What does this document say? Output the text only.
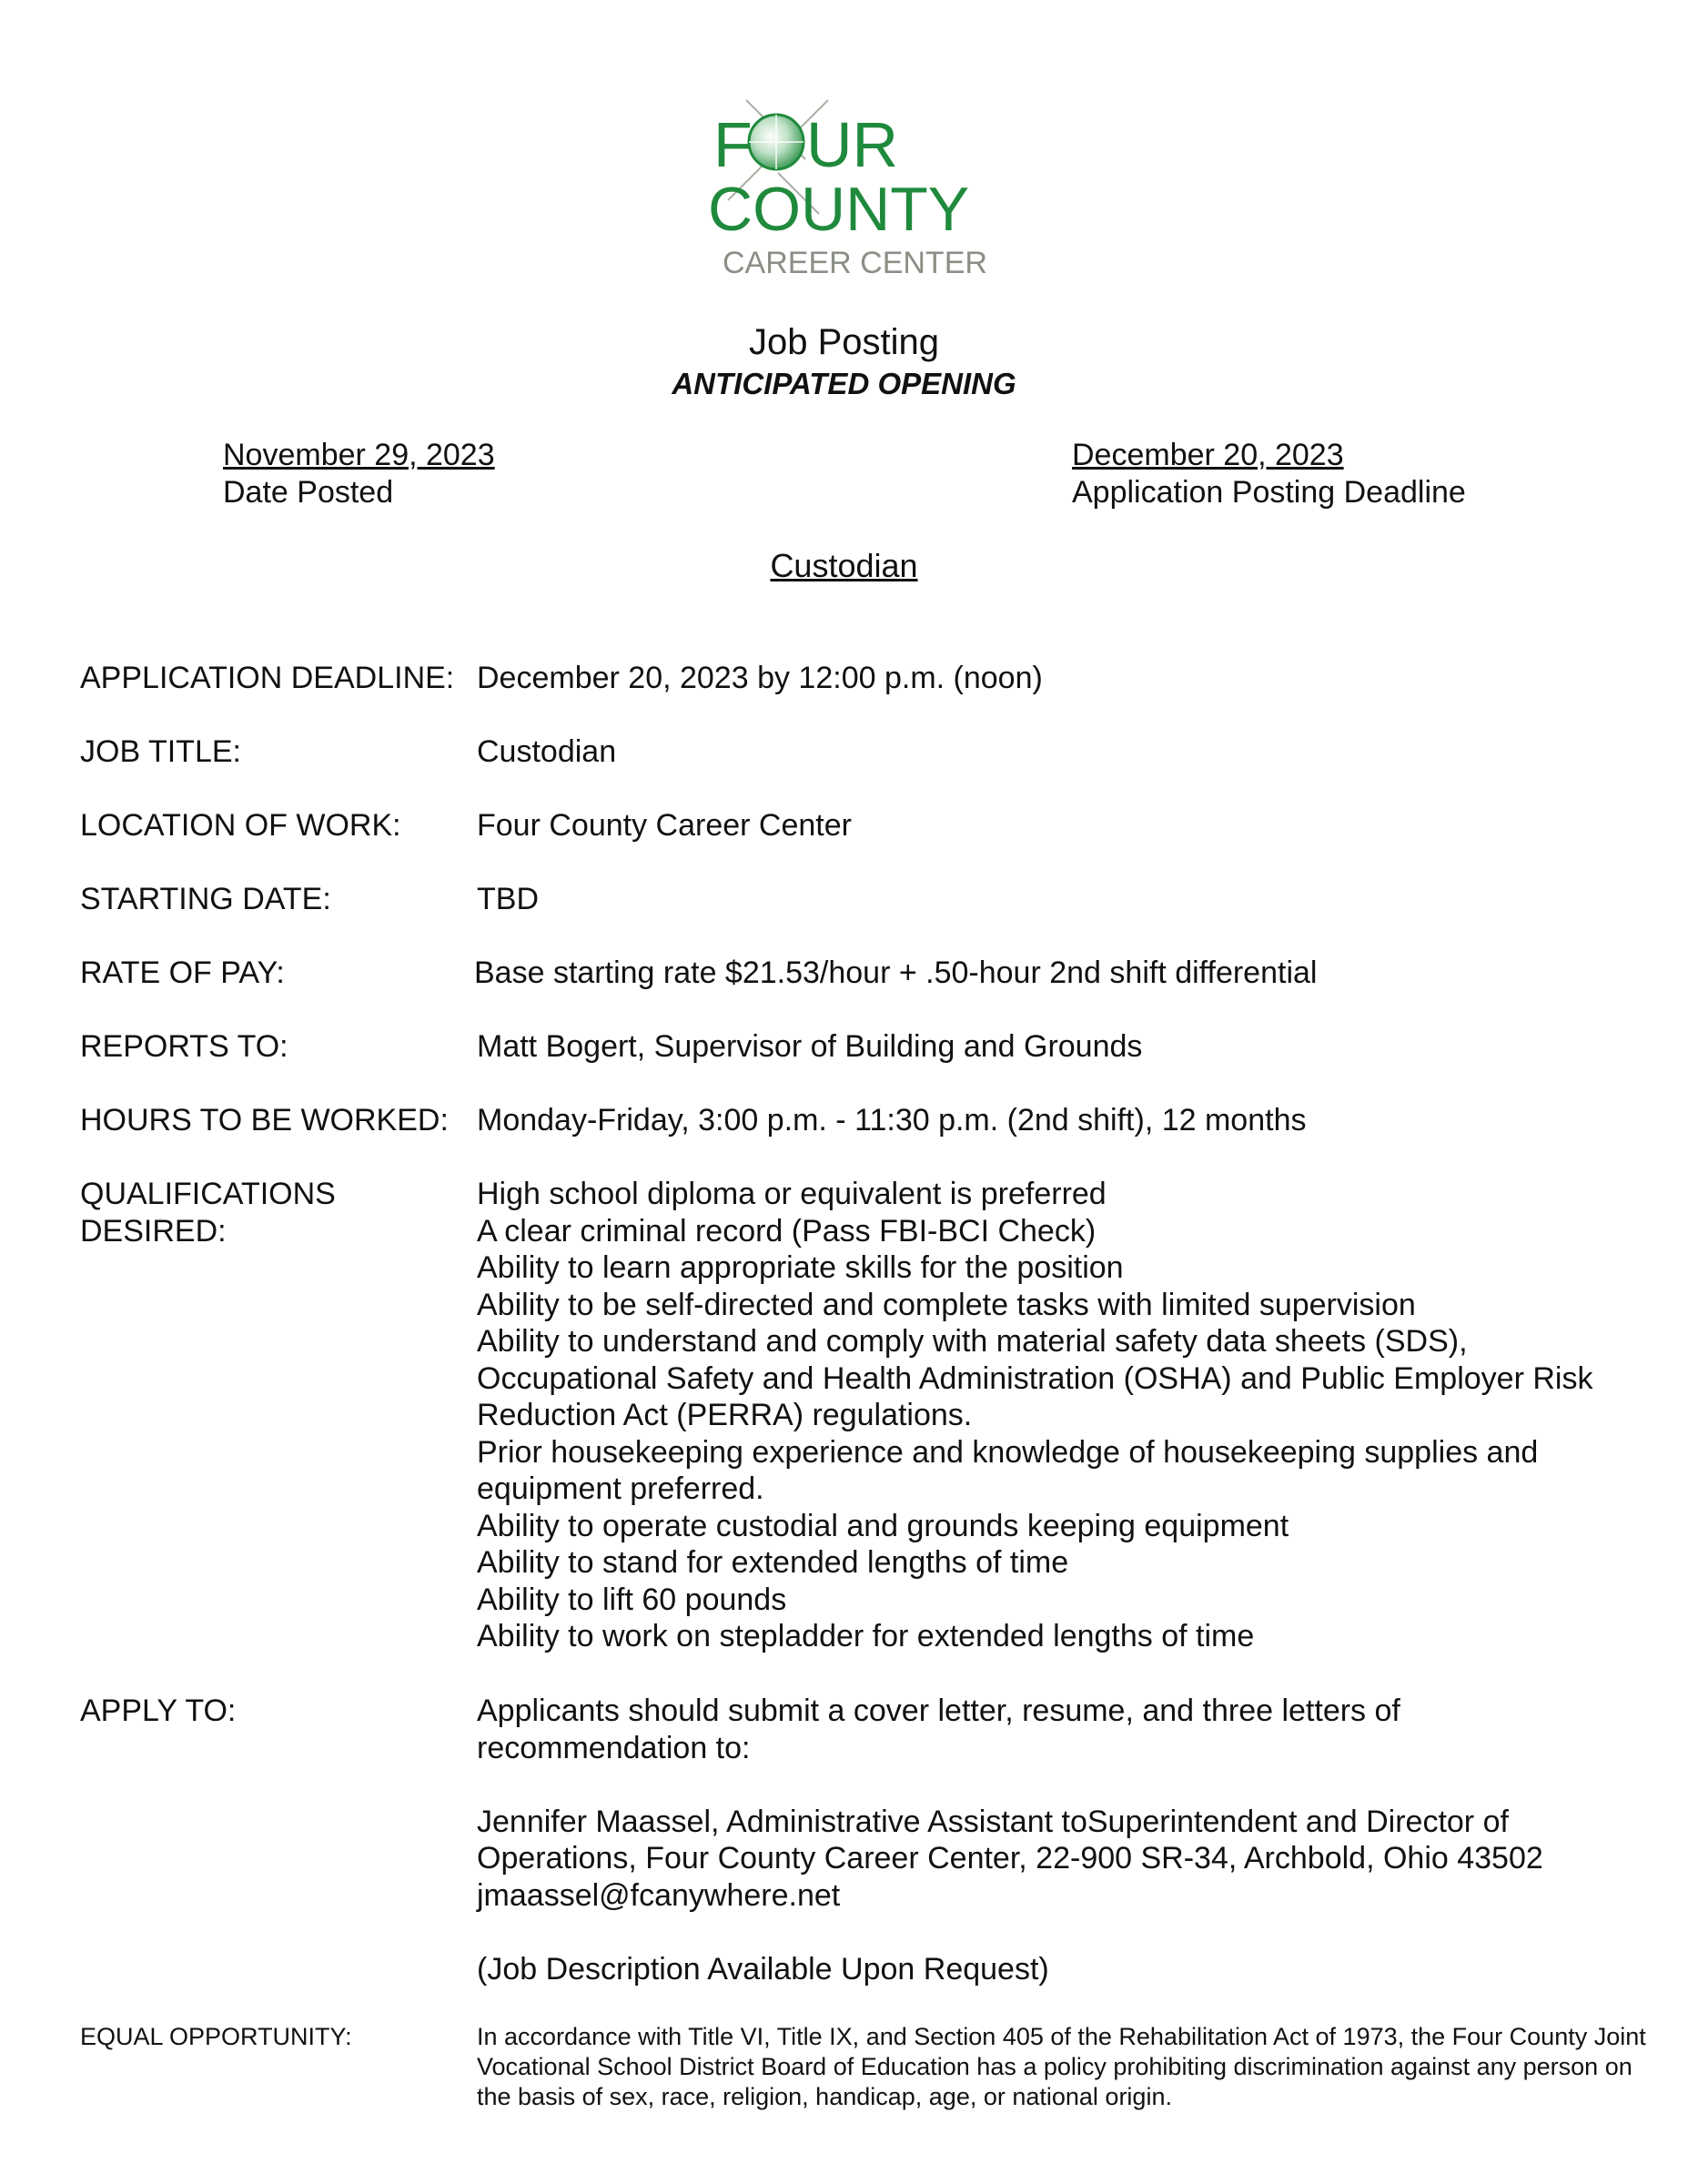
F UR
COUNTY
CAREER CENTER
Job Posting
ANTICIPATED OPENING
November 29, 2023
Date Posted
December 20, 2023
Application Posting Deadline
Custodian
APPLICATION DEADLINE: December 20, 2023 by 12:00 p.m. (noon)
JOB TITLE:	Custodian
LOCATION OF WORK:	Four County Career Center
STARTING DATE:	TBD
RATE OF PAY:	Base starting rate $21.53/hour + .50-hour 2nd shift differential
REPORTS TO:	Matt Bogert, Supervisor of Building and Grounds
HOURS TO BE WORKED: Monday-Friday, 3:00 p.m. - 11:30 p.m. (2nd shift), 12 months
QUALIFICATIONS
DESIRED:
High school diploma or equivalent is preferred
A clear criminal record (Pass FBI-BCI Check)
Ability to learn appropriate skills for the position
Ability to be self-directed and complete tasks with limited supervision
Ability to understand and comply with material safety data sheets (SDS), Occupational Safety and Health Administration (OSHA) and Public Employer Risk Reduction Act (PERRA) regulations.
Prior housekeeping experience and knowledge of housekeeping supplies and equipment preferred.
Ability to operate custodial and grounds keeping equipment
Ability to stand for extended lengths of time
Ability to lift 60 pounds
Ability to work on stepladder for extended lengths of time
APPLY TO:	Applicants should submit a cover letter, resume, and three letters of recommendation to:

Jennifer Maassel, Administrative Assistant toSuperintendent and Director of Operations, Four County Career Center, 22-900 SR-34, Archbold, Ohio 43502

jmaassel@fcanywhere.net

(Job Description Available Upon Request)

EQUAL OPPORTUNITY:	In accordance with Title VI, Title IX, and Section 405 of the Rehabilitation Act of 1973, the Four County Joint Vocational School District Board of Education has a policy prohibiting discrimination against any person on the basis of sex, race, religion, handicap, age, or national origin.
